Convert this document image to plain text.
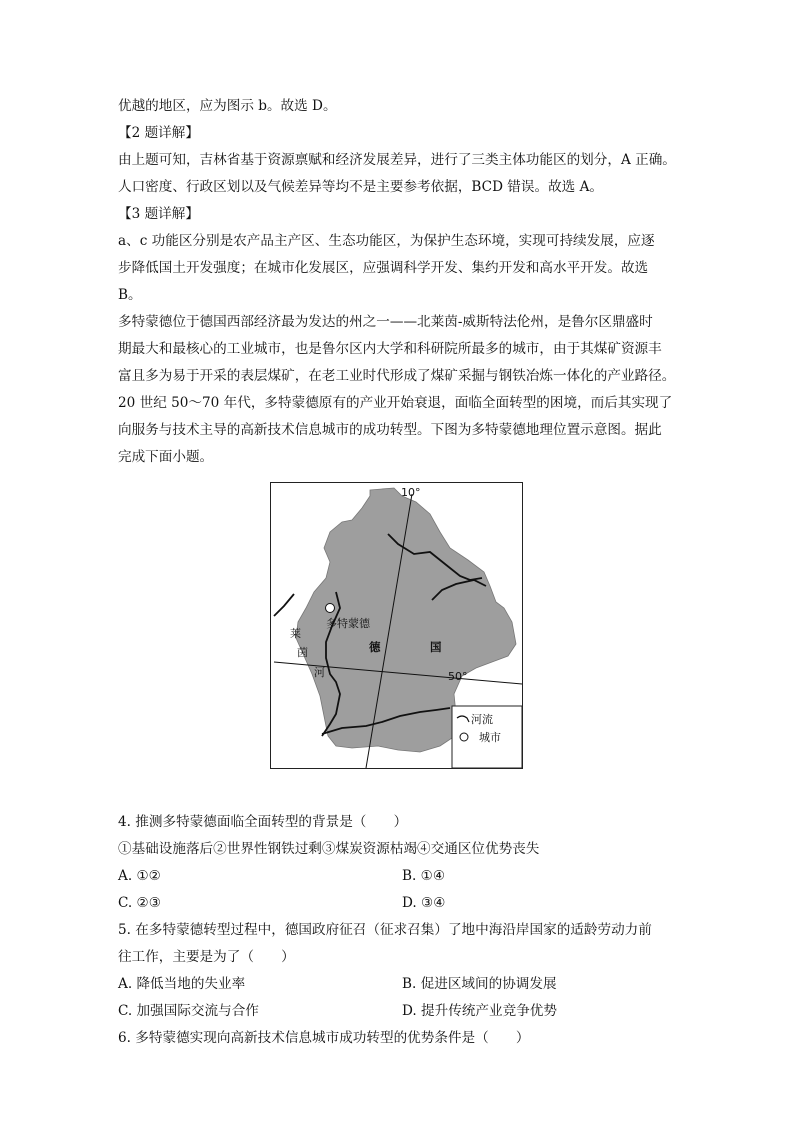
优越的地区，应为图示 b。故选 D。
【2 题详解】
由上题可知，吉林省基于资源禀赋和经济发展差异，进行了三类主体功能区的划分，A 正确。
人口密度、行政区划以及气候差异等均不是主要参考依据，BCD 错误。故选 A。
【3 题详解】
a、c 功能区分别是农产品主产区、生态功能区，为保护生态环境，实现可持续发展，应逐
步降低国土开发强度；在城市化发展区，应强调科学开发、集约开发和高水平开发。故选
B。
多特蒙德位于德国西部经济最为发达的州之一——北莱茵-威斯特法伦州，是鲁尔区鼎盛时
期最大和最核心的工业城市，也是鲁尔区内大学和科研院所最多的城市，由于其煤矿资源丰
富且多为易于开采的表层煤矿，在老工业时代形成了煤矿采掘与钢铁冶炼一体化的产业路径。
20 世纪 50～70 年代，多特蒙德原有的产业开始衰退，面临全面转型的困境，而后其实现了
向服务与技术主导的高新技术信息城市的成功转型。下图为多特蒙德地理位置示意图。据此
完成下面小题。
10°
50°
多特蒙德
德	国
莱
茵
河
河流
城市
4. 推测多特蒙德面临全面转型的背景是（　　）
①基础设施落后②世界性钢铁过剩③煤炭资源枯竭④交通区位优势丧失
A. ①②	B. ①④
C. ②③	D. ③④
5. 在多特蒙德转型过程中，德国政府征召（征求召集）了地中海沿岸国家的适龄劳动力前
往工作，主要是为了（　　）
A. 降低当地的失业率	B. 促进区域间的协调发展
C. 加强国际交流与合作	D. 提升传统产业竞争优势
6. 多特蒙德实现向高新技术信息城市成功转型的优势条件是（　　）
